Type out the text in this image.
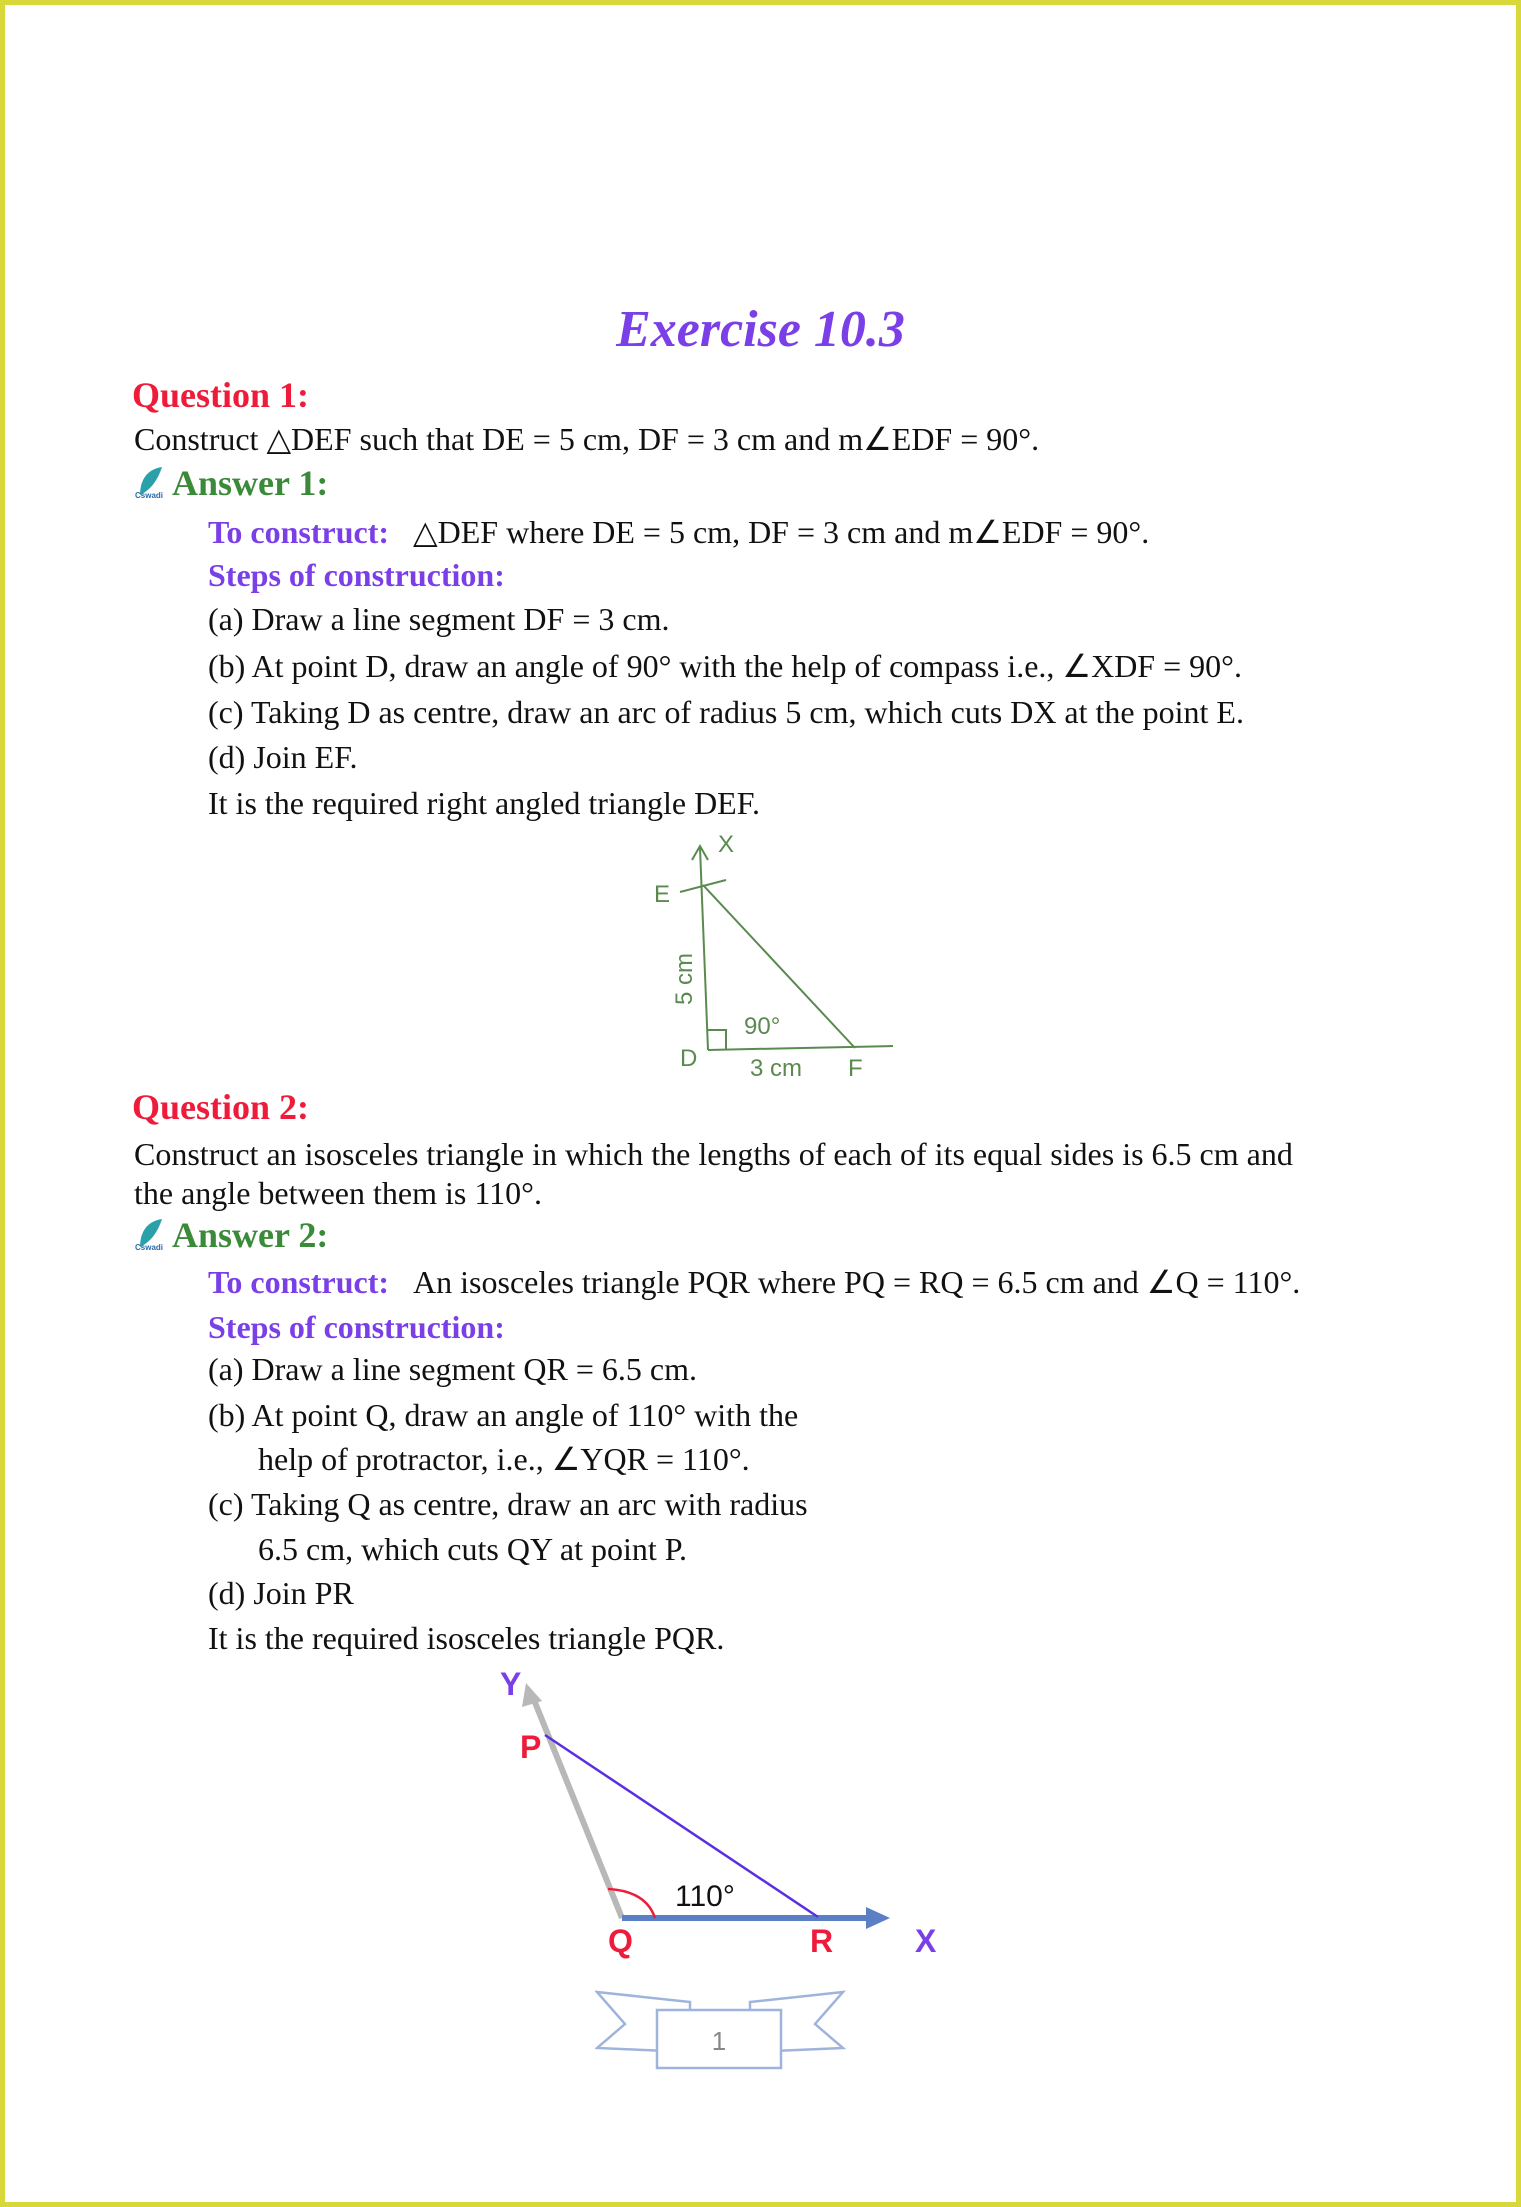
Exercise 10.3
Question 1:
Construct △DEF such that DE = 5 cm, DF = 3 cm and m∠EDF = 90°.
Cswadi Answer 1:
To construct: △DEF where DE = 5 cm, DF = 3 cm and m∠EDF = 90°.
Steps of construction:
(a) Draw a line segment DF = 3 cm.
(b) At point D, draw an angle of 90° with the help of compass i.e., ∠XDF = 90°.
(c) Taking D as centre, draw an arc of radius 5 cm, which cuts DX at the point E.
(d) Join EF.
It is the required right angled triangle DEF.
X
E
D	F
90°
3 cm
5 cm
Question 2:
Construct an isosceles triangle in which the lengths of each of its equal sides is 6.5 cm and
the angle between them is 110°.
Cswadi Answer 2:
To construct: An isosceles triangle PQR where PQ = RQ = 6.5 cm and ∠Q = 110°.
Steps of construction:
(a) Draw a line segment QR = 6.5 cm.
(b) At point Q, draw an angle of 110° with the
help of protractor, i.e., ∠YQR = 110°.
(c) Taking Q as centre, draw an arc with radius
6.5 cm, which cuts QY at point P.
(d) Join PR
It is the required isosceles triangle PQR.
Y
P
Q	R	X
110°
1
